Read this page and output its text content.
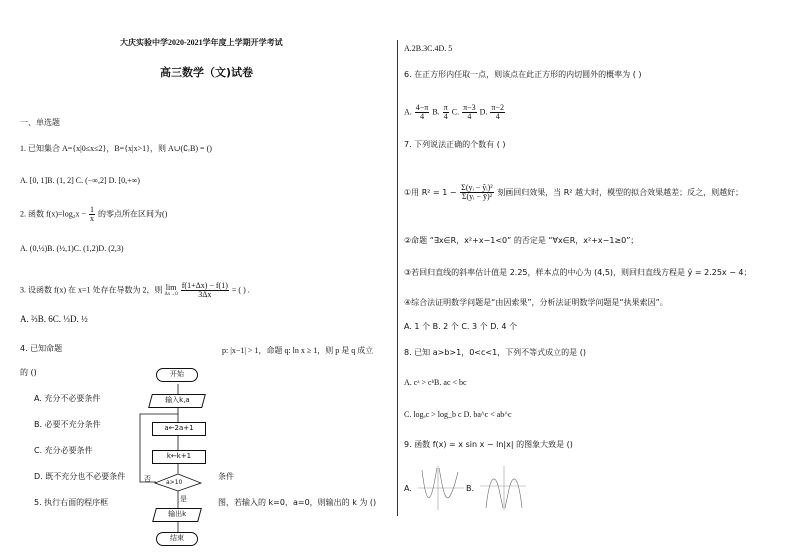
大庆实验中学2020-2021学年度上学期开学考试
高三数学（文)试卷
一、单选题
1. 已知集合 A={x|0≤x≤2}，B={x|x>1}，则 A∪(∁ᵣB) = ()
A. [0, 1]B. (1, 2] C. (−∞,2] D. [0,+∞)
2. 函数 $f(x)=\log_2x - \frac{1}{x}$ 的零点所在区间为()
A. (0,½)B. (½,1)C. (1,2)D. (2,3)
3. 设函数 f(x) 在 x=1 处存在导数为 2，则 lim
Δx→0
$\frac{f(1+\Delta x) - f(1)}{3\Delta x}$ = ( ) .
A. ⅔B. 6C. ⅓D. ½
4. 已知命题	p: |x−1| > 1，命题 q: ln x ≥ 1，则 p 是 q 成立
的 ()
A. 充分不必要条件
B. 必要不充分条件
C. 充分必要条件
D. 既不充分也不必要条件	条件
5. 执行右面的程序框	图，若输入的 k=0，a=0，则输出的 k 为 ()
开始
输入k,a
a←2a+1
k←k+1
a>10
否
是
输出k
结束
A.2B.3C.4D. 5
6. 在正方形内任取一点，则该点在此正方形的内切圆外的概率为 ( )
A. $\frac{4-\pi}{4} B$. $\frac{\pi}{4} C$. $\frac{\pi-3}{4} D$. $\frac{\pi-2}{4}$
7. 下列说法正确的个数有 ( )
①用 $R^2 = 1 - \frac{\text{Σ(yᵢ − ŷᵢ)²}}{\text{Σ(yᵢ − ȳ)²}}$ 刻画回归效果，当 R² 越大时，模型的拟合效果越差；反之，则越好；
②命题 “∃x∈R，x²+x−1<0” 的否定是 “∀x∈R，x²+x−1≥0”；
③若回归直线的斜率估计值是 2.25，样本点的中心为 (4,5)，则回归直线方程是 ŷ = 2.25x − 4；
④综合法证明数学问题是“由因索果”，分析法证明数学问题是“执果索因”。
A. 1 个 B. 2 个 C. 3 个 D. 4 个
8. 已知 a>b>1，0<c<1，下列不等式成立的是 ()
A. cᵃ > cᵇB. ac < bc
C. logₐc > log_b c D. ba^c < ab^c
9. 函数 f(x) = x sin x − ln|x| 的图象大致是 ()
A.	B.
